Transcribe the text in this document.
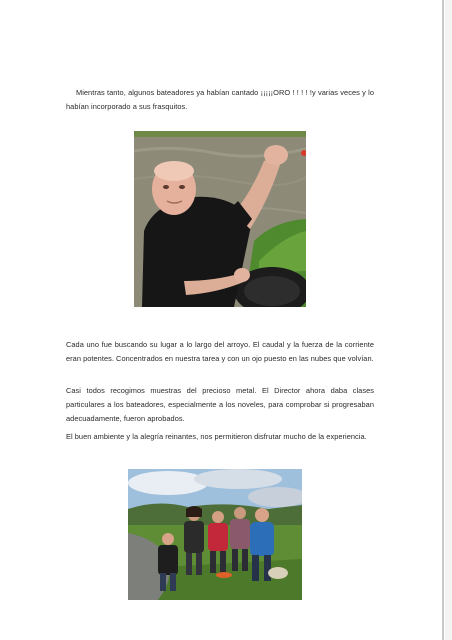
Mientras tanto, algunos bateadores ya habían cantado ¡¡¡¡¡ORO ! ! ! ! !y varias veces y lo habían incorporado a sus frasquitos.

Cada uno fue buscando su lugar a lo largo del arroyo. El caudal y la fuerza de la corriente eran potentes. Concentrados en nuestra tarea y con un ojo puesto en las nubes que volvían.

Casi todos recogimos muestras del precioso metal. El Director ahora daba clases particulares a los bateadores, especialmente a los noveles, para comprobar si progresaban adecuadamente, fueron aprobados.

El buen ambiente y la alegría reinantes, nos permitieron disfrutar mucho de la experiencia.
